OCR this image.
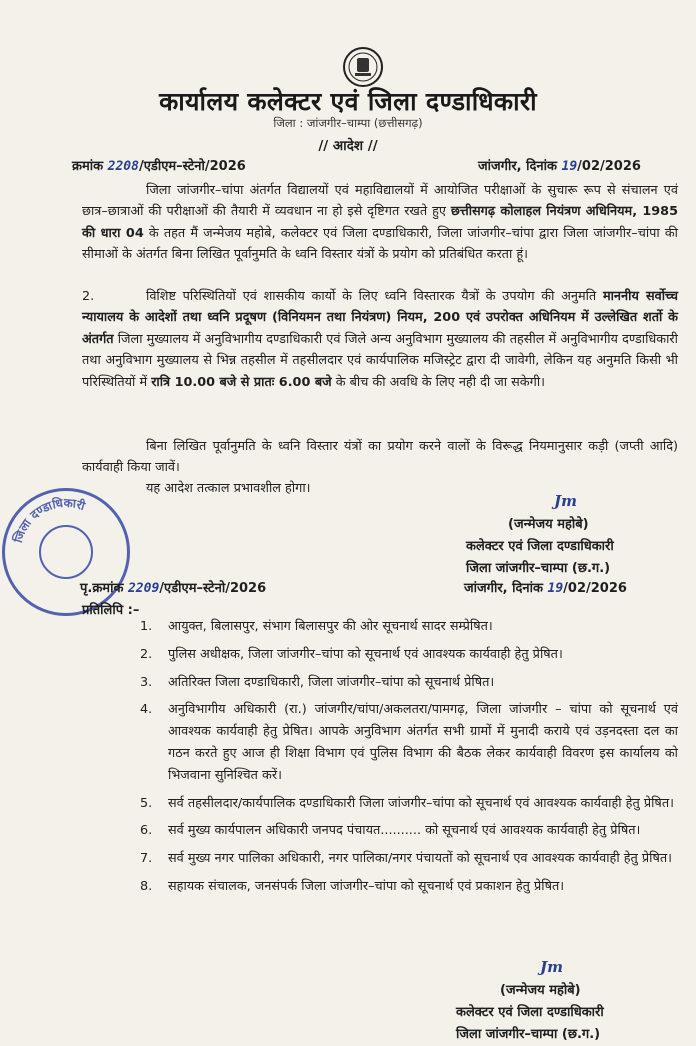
कार्यालय कलेक्टर एवं जिला दण्डाधिकारी
जिला : जांजगीर–चाम्पा (छत्तीसगढ़)
// आदेश //
क्रमांक 2208/एडीएम–स्टेनो/2026	जांजगीर, दिनांक 19/02/2026
जिला जांजगीर–चांपा अंतर्गत विद्यालयों एवं महाविद्यालयों में आयोजित परीक्षाओं के सुचारू रूप से संचालन एवं छात्र–छात्राओं की परीक्षाओं की तैयारी में व्यवधान ना हो इसे दृष्टिगत रखते हुए छत्तीसगढ़ कोलाहल नियंत्रण अधिनियम, 1985 की धारा 04 के तहत मैं जन्मेजय महोबे, कलेक्टर एवं जिला दण्डाधिकारी, जिला जांजगीर–चांपा द्वारा जिला जांजगीर–चांपा की सीमाओं के अंतर्गत बिना लिखित पूर्वानुमति के ध्वनि विस्तार यंत्रों के प्रयोग को प्रतिबंधित करता हूं।
2.	विशिष्ट परिस्थितियों एवं शासकीय कार्यो के लिए ध्वनि विस्तारक यैत्रों के उपयोग की अनुमति माननीय सर्वोच्च न्यायालय के आदेशों तथा ध्वनि प्रदूषण (विनियमन तथा नियंत्रण) नियम, 200 एवं उपरोक्त अधिनियम में उल्लेखित शर्तो के अंतर्गत जिला मुख्यालय में अनुविभागीय दण्डाधिकारी एवं जिले अन्य अनुविभाग मुख्यालय की तहसील में अनुविभागीय दण्डाधिकारी तथा अनुविभाग मुख्यालय से भिन्न तहसील में तहसीलदार एवं कार्यपालिक मजिस्ट्रेट द्वारा दी जावेगी, लेकिन यह अनुमति किसी भी परिस्थितियों में रात्रि 10.00 बजे से प्रातः 6.00 बजे के बीच की अवधि के लिए नही दी जा सकेगी।
बिना लिखित पूर्वानुमति के ध्वनि विस्तार यंत्रों का प्रयोग करने वालों के विरूद्ध नियमानुसार कड़ी (जप्ती आदि) कार्यवाही किया जावें।
यह आदेश तत्काल प्रभावशील होगा।
Jm
(जन्मेजय महोबे)
कलेक्टर एवं जिला दण्डाधिकारी
जिला जांजगीर–चाम्पा (छ.ग.)
जिला दण्डाधिकारी
पृ.क्रमांक 2209/एडीएम–स्टेनो/2026	जांजगीर, दिनांक 19/02/2026
प्रतिलिपि :–
1. आयुक्त, बिलासपुर, संभाग बिलासपुर की ओर सूचनार्थ सादर सम्प्रेषित।
2. पुलिस अधीक्षक, जिला जांजगीर–चांपा को सूचनार्थ एवं आवश्यक कार्यवाही हेतु प्रेषित।
3. अतिरिक्त जिला दण्डाधिकारी, जिला जांजगीर–चांपा को सूचनार्थ प्रेषित।
4. अनुविभागीय अधिकारी (रा.) जांजगीर/चांपा/अकलतरा/पामगढ़, जिला जांजगीर – चांपा को सूचनार्थ एवं आवश्यक कार्यवाही हेतु प्रेषित। आपके अनुविभाग अंतर्गत सभी ग्रामों में मुनादी कराये एवं उड़नदस्ता दल का गठन करते हुए आज ही शिक्षा विभाग एवं पुलिस विभाग की बैठक लेकर कार्यवाही विवरण इस कार्यालय को भिजवाना सुनिश्चित करें।
5. सर्व तहसीलदार/कार्यपालिक दण्डाधिकारी जिला जांजगीर–चांपा को सूचनार्थ एवं आवश्यक कार्यवाही हेतु प्रेषित।
6. सर्व मुख्य कार्यपालन अधिकारी जनपद पंचायत.......... को सूचनार्थ एवं आवश्यक कार्यवाही हेतु प्रेषित।
7. सर्व मुख्य नगर पालिका अधिकारी, नगर पालिका/नगर पंचायतों को सूचनार्थ एव आवश्यक कार्यवाही हेतु प्रेषित।
8. सहायक संचालक, जनसंपर्क जिला जांजगीर–चांपा को सूचनार्थ एवं प्रकाशन हेतु प्रेषित।
Jm
(जन्मेजय महोबे)
कलेक्टर एवं जिला दण्डाधिकारी
जिला जांजगीर–चाम्पा (छ.ग.)
